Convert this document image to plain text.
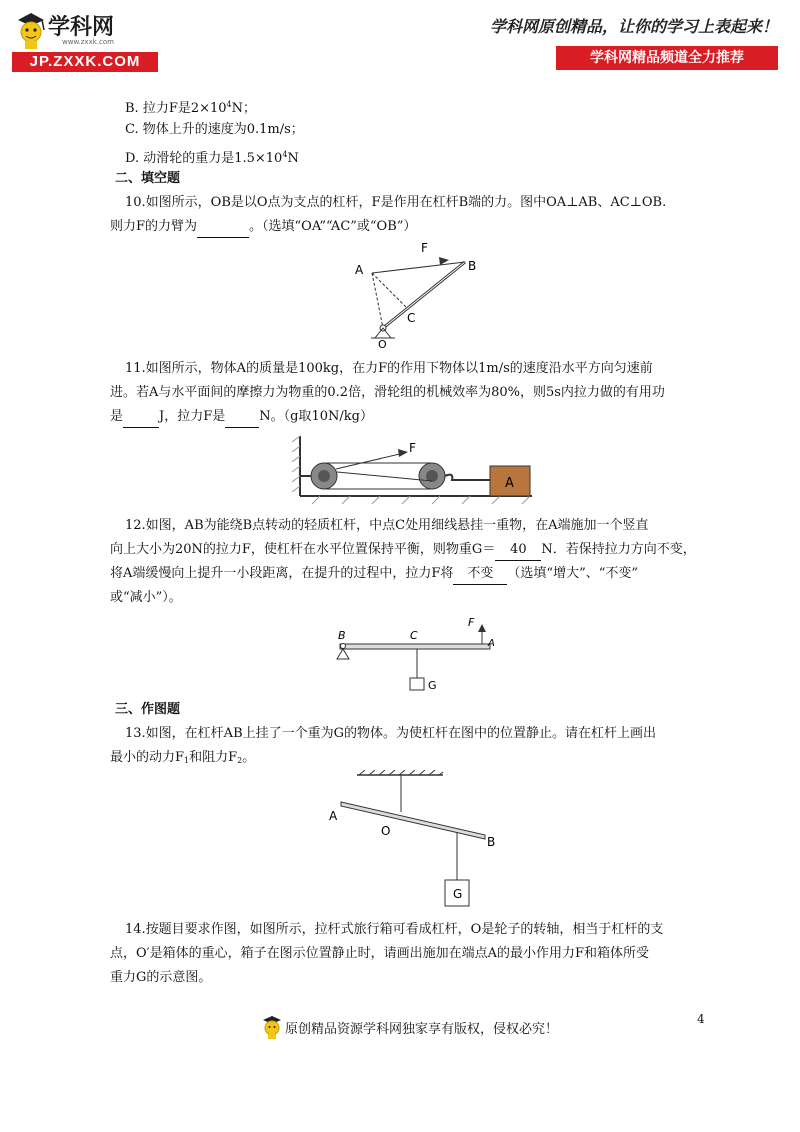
学科网
www.zxxk.com
JP.ZXXK.COM
学科网原创精品，让你的学习上表起来！
学科网精品频道全力推荐
B. 拉力F是$2\times 10^4N$；
C. 物体上升的速度为0.1m/s；
D. 动滑轮的重力是$1.5\times 10^4N$
二、填空题
10.如图所示，OB是以O点为支点的杠杆，F是作用在杠杆B端的力。图中OA⊥AB、AC⊥OB.
则力F的力臂为	。（选填“OA”“AC”或“OB”）
A	B
C
O
F
11.如图所示，物体A的质量是100kg，在力F的作用下物体以1m/s的速度沿水平方向匀速前
进。若A与水平面间的摩擦力为物重的0.2倍，滑轮组的机械效率为80%，则5s内拉力做的有用功
是	J，拉力F是	N。（g取10N/kg）
F
A
12.如图，AB为能绕B点转动的轻质杠杆，中点C处用细线悬挂一重物，在A端施加一个竖直
向上大小为20N的拉力F，使杠杆在水平位置保持平衡，则物重G＝ 40 N．若保持拉力方向不变，
将A端缓慢向上提升一小段距离，在提升的过程中，拉力F将 不变 （选填“增大”、“不变”
或“减小”）。
B	C
F
A
G
三、作图题
13.如图，在杠杆AB上挂了一个重为G的物体。为使杠杆在图中的位置静止。请在杠杆上画出
最小的动力$F_1$和阻力$F_2$。
A
O
B
G
14.按题目要求作图，如图所示，拉杆式旅行箱可看成杠杆，O是轮子的转轴，相当于杠杆的支
点，O′是箱体的重心，箱子在图示位置静止时，请画出施加在端点A的最小作用力F和箱体所受
重力G的示意图。
原创精品资源学科网独家享有版权，侵权必究！
4
